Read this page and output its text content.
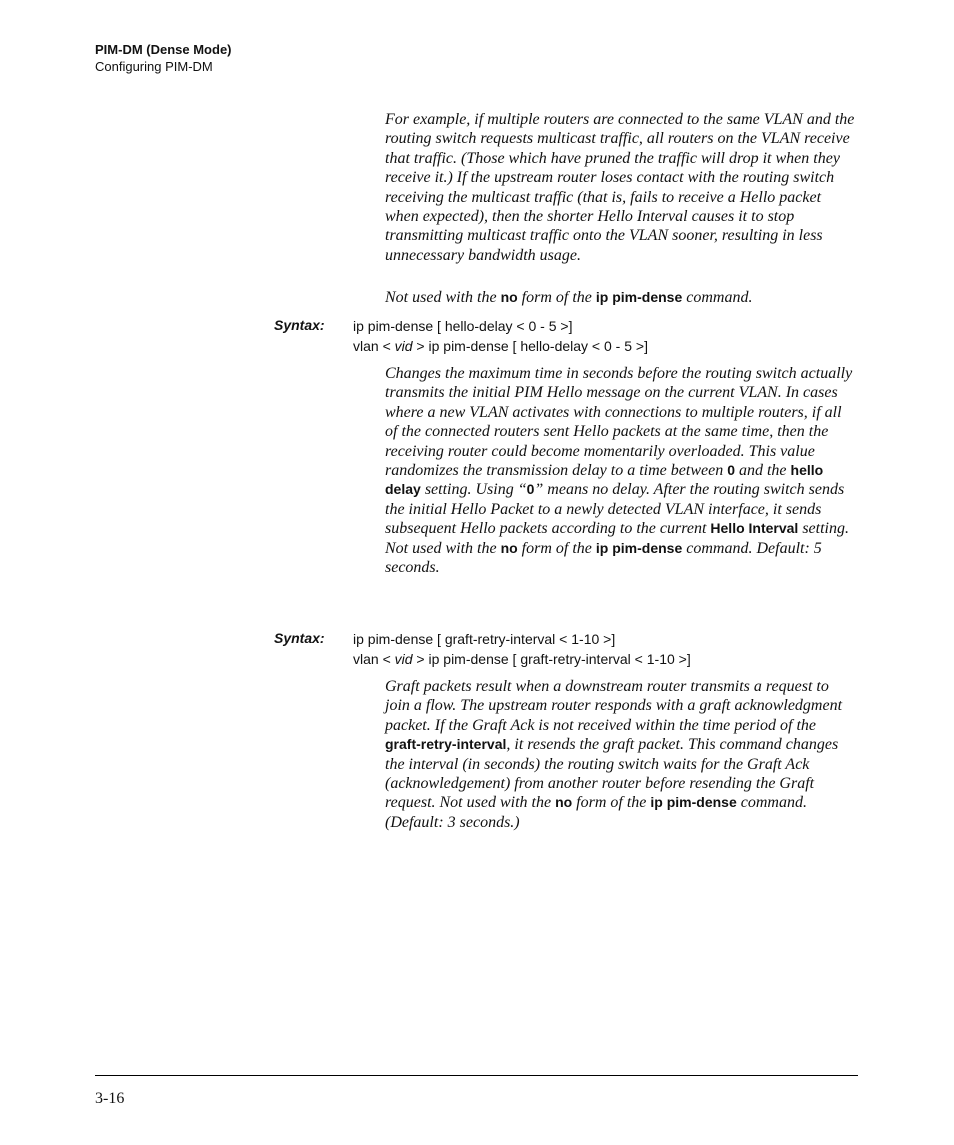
PIM-DM (Dense Mode)
Configuring PIM-DM
For example, if multiple routers are connected to the same VLAN and the routing switch requests multicast traffic, all routers on the VLAN receive that traffic. (Those which have pruned the traffic will drop it when they receive it.) If the upstream router loses contact with the routing switch receiving the multicast traffic (that is, fails to receive a Hello packet when expected), then the shorter Hello Interval causes it to stop transmitting multicast traffic onto the VLAN sooner, resulting in less unnecessary bandwidth usage.
Not used with the no form of the ip pim-dense command.
Syntax: ip pim-dense [ hello-delay < 0 - 5 >]
vlan < vid > ip pim-dense [ hello-delay < 0 - 5 >]
Changes the maximum time in seconds before the routing switch actually transmits the initial PIM Hello message on the current VLAN. In cases where a new VLAN activates with connections to multiple routers, if all of the connected routers sent Hello packets at the same time, then the receiving router could become momentarily overloaded. This value randomizes the transmission delay to a time between 0 and the hello delay setting. Using “0” means no delay. After the routing switch sends the initial Hello Packet to a newly detected VLAN interface, it sends subsequent Hello packets according to the current Hello Interval setting. Not used with the no form of the ip pim-dense command. Default: 5 seconds.
Syntax: ip pim-dense [ graft-retry-interval < 1-10 >]
vlan < vid > ip pim-dense [ graft-retry-interval < 1-10 >]
Graft packets result when a downstream router transmits a request to join a flow. The upstream router responds with a graft acknowledgment packet. If the Graft Ack is not received within the time period of the graft-retry-interval, it resends the graft packet. This command changes the interval (in seconds) the routing switch waits for the Graft Ack (acknowledgement) from another router before resending the Graft request. Not used with the no form of the ip pim-dense command. (Default: 3 seconds.)
3-16
